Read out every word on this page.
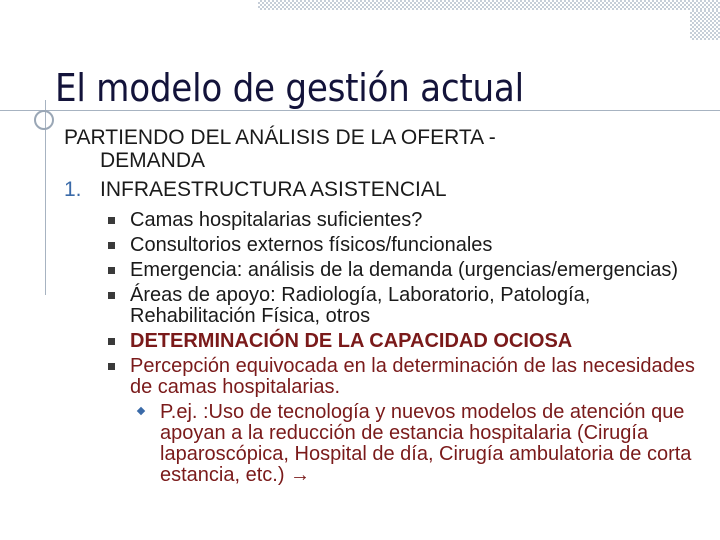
El modelo de gestión actual
PARTIENDO DEL ANÁLISIS DE LA OFERTA -
DEMANDA
1. INFRAESTRUCTURA ASISTENCIAL
Camas hospitalarias suficientes?
Consultorios externos físicos/funcionales
Emergencia: análisis de la demanda (urgencias/emergencias)
Áreas de apoyo: Radiología, Laboratorio, Patología, Rehabilitación Física, otros
DETERMINACIÓN DE LA CAPACIDAD OCIOSA
Percepción equivocada en la determinación de las necesidades de camas hospitalarias.
P.ej. :Uso de tecnología y nuevos modelos de atención que apoyan a la reducción de estancia hospitalaria (Cirugía laparoscópica, Hospital de día, Cirugía ambulatoria de corta estancia, etc.) →
